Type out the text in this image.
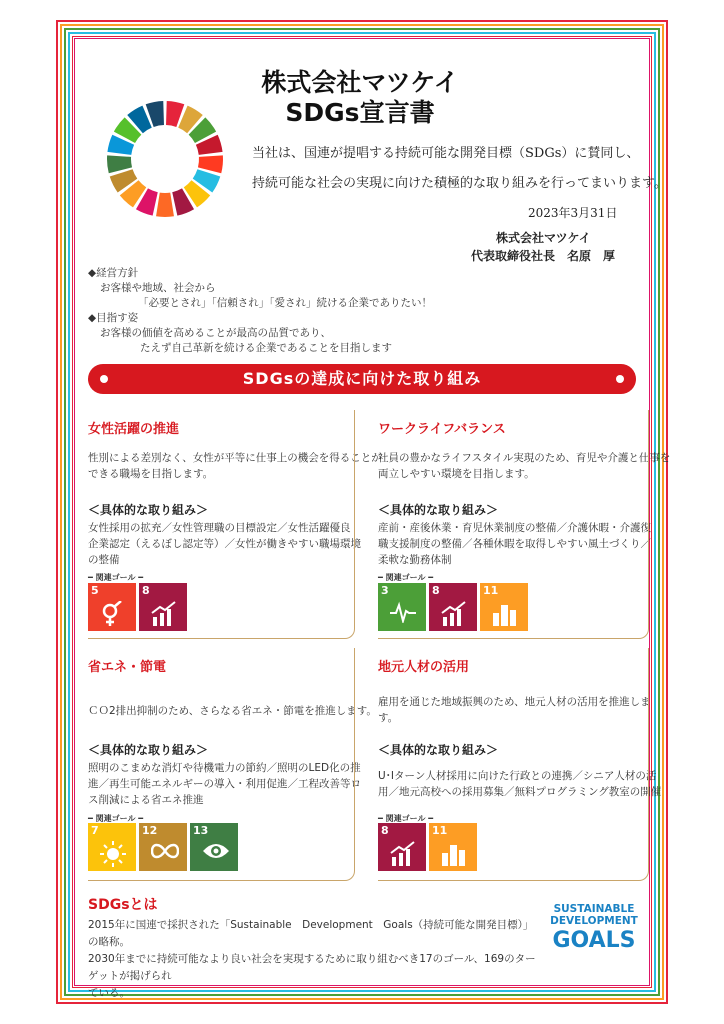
株式会社マツケイ
SDGs宣言書
当社は、国連が提唱する持続可能な開発目標（SDGs）に賛同し、
持続可能な社会の実現に向けた積極的な取り組みを行ってまいります。
2023年3月31日
株式会社マツケイ
代表取締役社長　名原　厚
◆経営方針
お客様や地域、社会から
「必要とされ」「信頼され」「愛され」続ける企業でありたい！
◆目指す姿
お客様の価値を高めることが最高の品質であり、
たえず自己革新を続ける企業であることを目指します
SDGsの達成に向けた取り組み
女性活躍の推進
性別による差別なく、女性が平等に仕事上の機会を得ることが
できる職場を目指します。
＜具体的な取り組み＞
女性採用の拡充／女性管理職の目標設定／女性活躍優良
企業認定（えるぼし認定等）／女性が働きやすい職場環境
の整備
━ 関連ゴール ━
5	8
ワークライフバランス
社員の豊かなライフスタイル実現のため、育児や介護と仕事を
両立しやすい環境を目指します。
＜具体的な取り組み＞
産前・産後休業・育児休業制度の整備／介護休暇・介護復
職支援制度の整備／各種休暇を取得しやすい風土づくり／
柔軟な勤務体制
━ 関連ゴール ━
3	8	11
省エネ・節電
ＣＯ2排出抑制のため、さらなる省エネ・節電を推進します。
＜具体的な取り組み＞
照明のこまめな消灯や待機電力の節約／照明のLED化の推
進／再生可能エネルギーの導入・利用促進／工程改善等ロ
ス削減による省エネ推進
━ 関連ゴール ━
7	12	13
地元人材の活用
雇用を通じた地域振興のため、地元人材の活用を推進しま
す。
＜具体的な取り組み＞
U･Iターン人材採用に向けた行政との連携／シニア人材の活
用／地元高校への採用募集／無料プログラミング教室の開催
━ 関連ゴール ━
8	11
SDGsとは
2015年に国連で採択された「Sustainable　Development　Goals（持続可能な開発目標）」の略称。
2030年までに持続可能なより良い社会を実現するために取り組むべき17のゴール、169のターゲットが掲げられ
ている。
SUSTAINABLE
DEVELOPMENT
GOALS
